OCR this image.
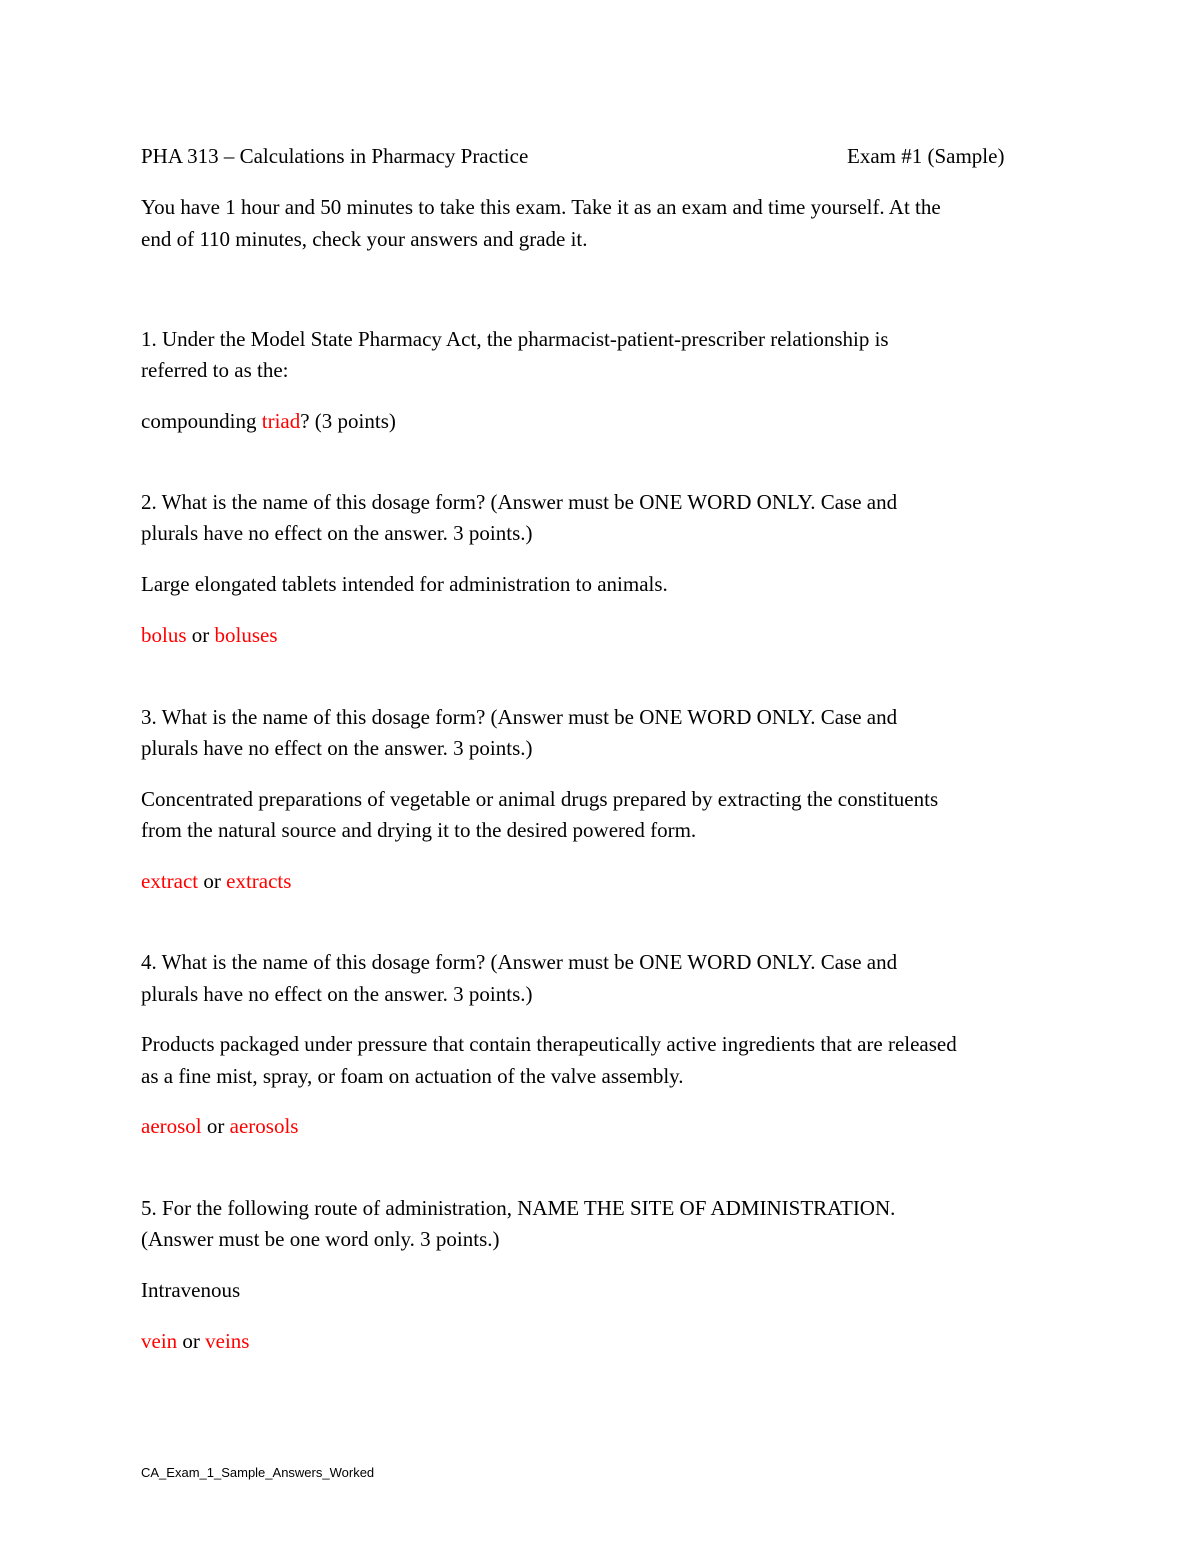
PHA 313 – Calculations in Pharmacy Practice	Exam #1 (Sample)
You have 1 hour and 50 minutes to take this exam. Take it as an exam and time yourself. At the
end of 110 minutes, check your answers and grade it.
1. Under the Model State Pharmacy Act, the pharmacist-patient-prescriber relationship is
referred to as the:
compounding triad? (3 points)
2. What is the name of this dosage form? (Answer must be ONE WORD ONLY. Case and
plurals have no effect on the answer. 3 points.)
Large elongated tablets intended for administration to animals.
bolus or boluses
3. What is the name of this dosage form? (Answer must be ONE WORD ONLY. Case and
plurals have no effect on the answer. 3 points.)
Concentrated preparations of vegetable or animal drugs prepared by extracting the constituents
from the natural source and drying it to the desired powered form.
extract or extracts
4. What is the name of this dosage form? (Answer must be ONE WORD ONLY. Case and
plurals have no effect on the answer. 3 points.)
Products packaged under pressure that contain therapeutically active ingredients that are released
as a fine mist, spray, or foam on actuation of the valve assembly.
aerosol or aerosols
5. For the following route of administration, NAME THE SITE OF ADMINISTRATION.
(Answer must be one word only. 3 points.)
Intravenous
vein or veins
CA_Exam_1_Sample_Answers_Worked
